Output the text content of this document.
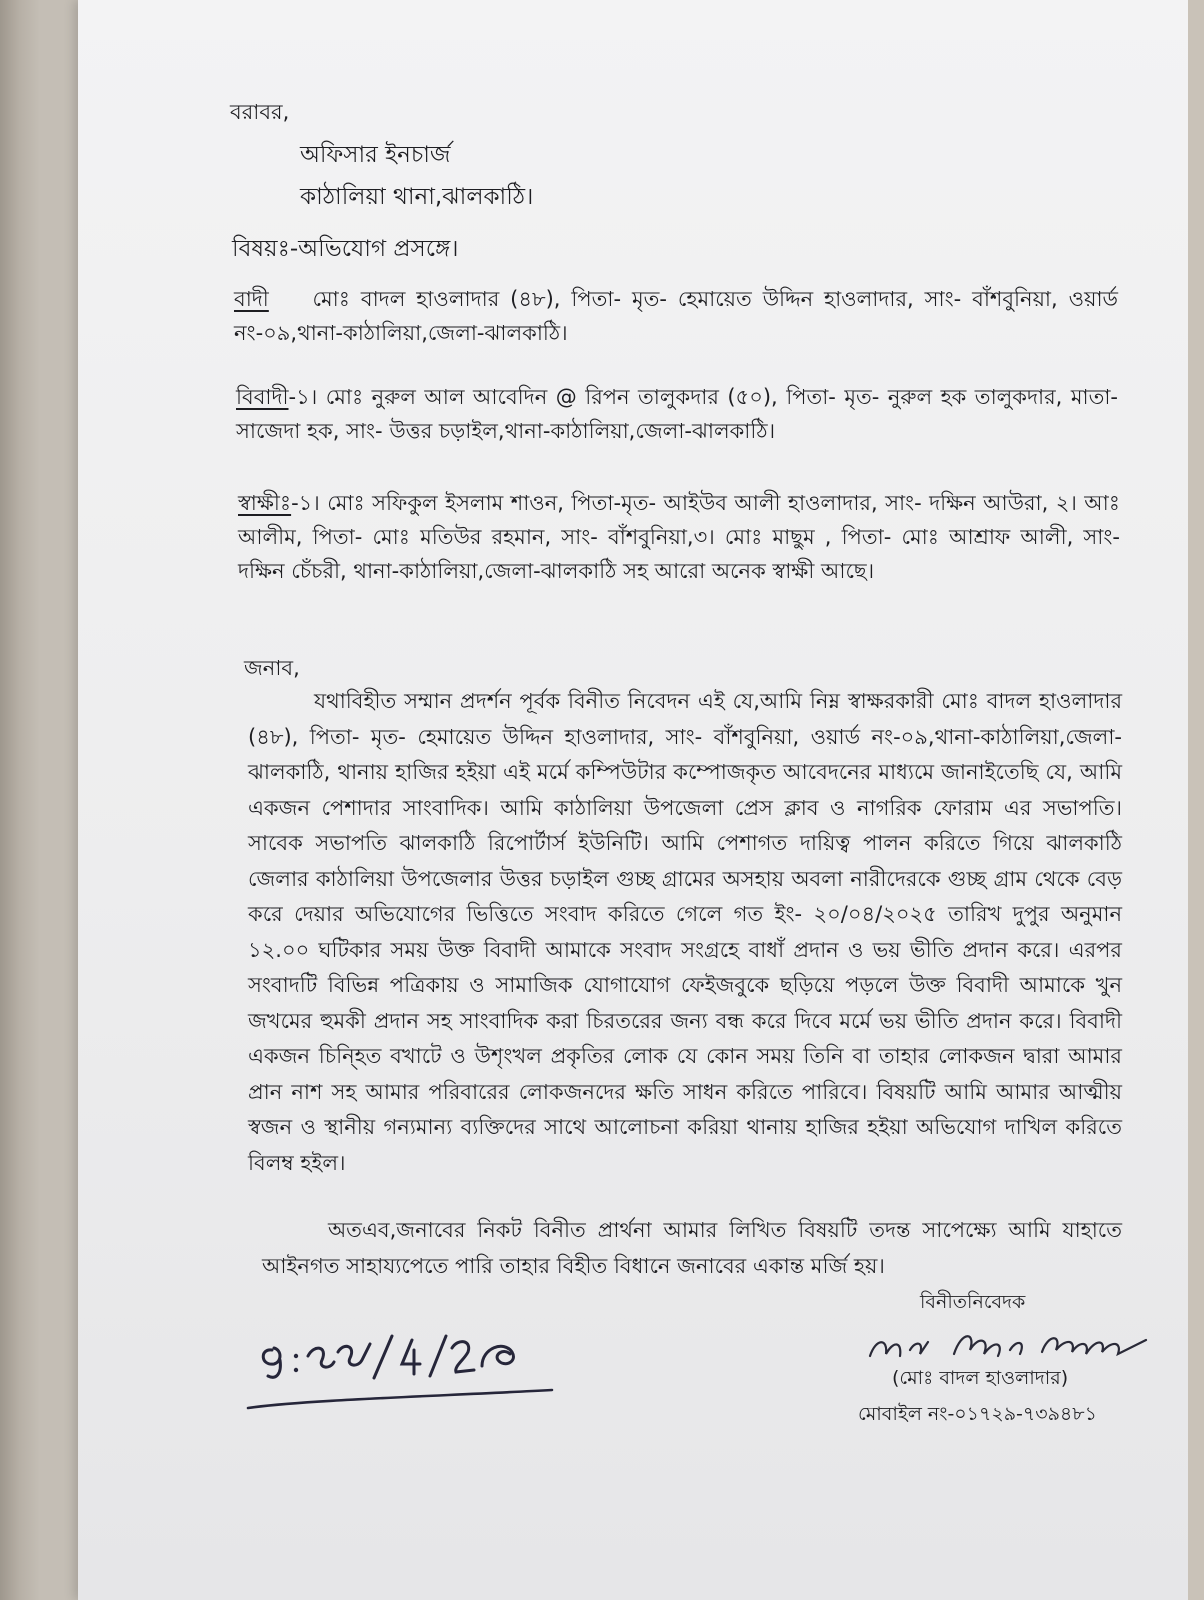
বরাবর,
অফিসার ইনচার্জ
কাঠালিয়া থানা,ঝালকাঠি।
বিষয়ঃ-অভিযোগ প্রসঙ্গে।
বাদী মোঃ বাদল হাওলাদার (৪৮), পিতা- মৃত- হেমায়েত উদ্দিন হাওলাদার, সাং- বাঁশবুনিয়া, ওয়ার্ড নং-০৯,থানা-কাঠালিয়া,জেলা-ঝালকাঠি।
বিবাদী-১। মোঃ নুরুল আল আবেদিন @ রিপন তালুকদার (৫০), পিতা- মৃত- নুরুল হক তালুকদার, মাতা- সাজেদা হক, সাং- উত্তর চড়াইল,থানা-কাঠালিয়া,জেলা-ঝালকাঠি।
স্বাক্ষীঃ-১। মোঃ সফিকুল ইসলাম শাওন, পিতা-মৃত- আইউব আলী হাওলাদার, সাং- দক্ষিন আউরা, ২। আঃ আলীম, পিতা- মোঃ মতিউর রহমান, সাং- বাঁশবুনিয়া,৩। মোঃ মাছুম , পিতা- মোঃ আশ্রাফ আলী, সাং- দক্ষিন চেঁচরী, থানা-কাঠালিয়া,জেলা-ঝালকাঠি সহ আরো অনেক স্বাক্ষী আছে।
জনাব,
যথাবিহীত সম্মান প্রদর্শন পূর্বক বিনীত নিবেদন এই যে,আমি নিম্ন স্বাক্ষরকারী মোঃ বাদল হাওলাদার (৪৮), পিতা- মৃত- হেমায়েত উদ্দিন হাওলাদার, সাং- বাঁশবুনিয়া, ওয়ার্ড নং-০৯,থানা-কাঠালিয়া,জেলা-ঝালকাঠি, থানায় হাজির হইয়া এই মর্মে কম্পিউটার কম্পোজকৃত আবেদনের মাধ্যমে জানাইতেছি যে, আমি একজন পেশাদার সাংবাদিক। আমি কাঠালিয়া উপজেলা প্রেস ক্লাব ও নাগরিক ফোরাম এর সভাপতি। সাবেক সভাপতি ঝালকাঠি রিপোর্টার্স ইউনিটি। আমি পেশাগত দায়িত্ব পালন করিতে গিয়ে ঝালকাঠি জেলার কাঠালিয়া উপজেলার উত্তর চড়াইল গুচ্ছ গ্রামের অসহায় অবলা নারীদেরকে গুচ্ছ গ্রাম থেকে বেড় করে দেয়ার অভিযোগের ভিত্তিতে সংবাদ করিতে গেলে গত ইং- ২০/০৪/২০২৫ তারিখ দুপুর অনুমান ১২.০০ ঘটিকার সময় উক্ত বিবাদী আমাকে সংবাদ সংগ্রহে বাধাঁ প্রদান ও ভয় ভীতি প্রদান করে। এরপর সংবাদটি বিভিন্ন পত্রিকায় ও সামাজিক যোগাযোগ ফেইজবুকে ছড়িয়ে পড়লে উক্ত বিবাদী আমাকে খুন জখমের হুমকী প্রদান সহ সাংবাদিক করা চিরতরের জন্য বন্ধ করে দিবে মর্মে ভয় ভীতি প্রদান করে। বিবাদী একজন চিন্হিত বখাটে ও উশৃংখল প্রকৃতির লোক যে কোন সময় তিনি বা তাহার লোকজন দ্বারা আমার প্রান নাশ সহ আমার পরিবারের লোকজনদের ক্ষতি সাধন করিতে পারিবে। বিষয়টি আমি আমার আত্মীয় স্বজন ও স্থানীয় গন্যমান্য ব্যক্তিদের সাথে আলোচনা করিয়া থানায় হাজির হইয়া অভিযোগ দাখিল করিতে বিলম্ব হইল।
অতএব,জনাবের নিকট বিনীত প্রার্থনা আমার লিখিত বিষয়টি তদন্ত সাপেক্ষ্যে আমি যাহাতে আইনগত সাহায্যপেতে পারি তাহার বিহীত বিধানে জনাবের একান্ত মর্জি হয়।
বিনীতনিবেদক
(মোঃ বাদল হাওলাদার)
মোবাইল নং-০১৭২৯-৭৩৯৪৮১
